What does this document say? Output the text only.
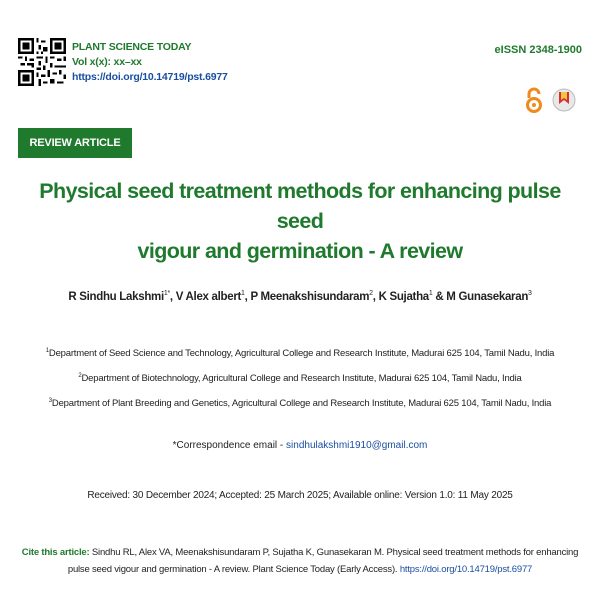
PLANT SCIENCE TODAY
Vol x(x): xx–xx
https://doi.org/10.14719/pst.6977
eISSN 2348-1900
REVIEW ARTICLE
Physical seed treatment methods for enhancing pulse seed
vigour and germination - A review
R Sindhu Lakshmi$^{1*}$, V Alex albert$^1$, P Meenakshisundaram$^2$, K Sujatha$^1$ & M Gunasekaran$^3$
$^1$Department of Seed Science and Technology, Agricultural College and Research Institute, Madurai 625 104, Tamil Nadu, India
$^2$Department of Biotechnology, Agricultural College and Research Institute, Madurai 625 104, Tamil Nadu, India
$^3$Department of Plant Breeding and Genetics, Agricultural College and Research Institute, Madurai 625 104, Tamil Nadu, India
*Correspondence email - sindhulakshmi1910@gmail.com
Received: 30 December 2024; Accepted: 25 March 2025; Available online: Version 1.0: 11 May 2025
Cite this article: Sindhu RL, Alex VA, Meenakshisundaram P, Sujatha K, Gunasekaran M. Physical seed treatment methods for enhancing pulse seed vigour and germination - A review. Plant Science Today (Early Access). https://doi.org/10.14719/pst.6977
